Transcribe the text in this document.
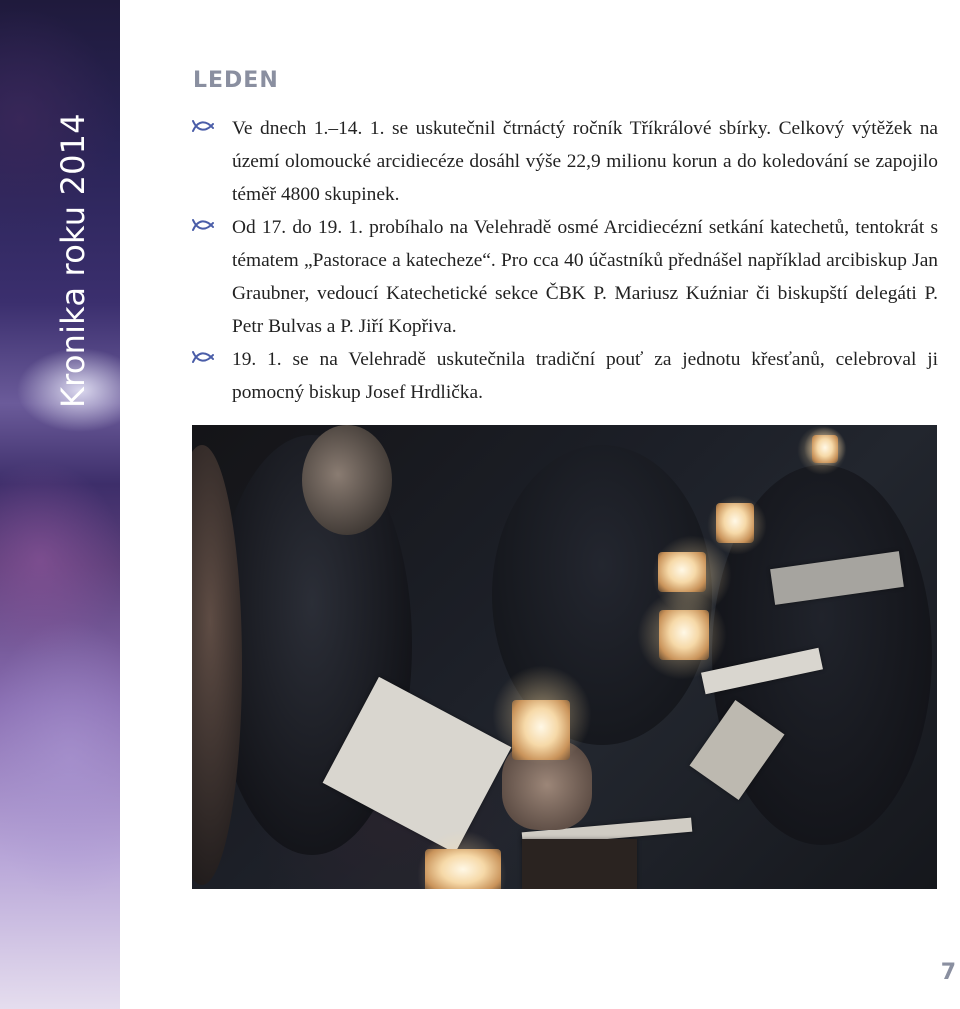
Kronika roku 2014
LEDEN
Ve dnech 1.–14. 1. se uskutečnil čtrnáctý ročník Tříkrálové sbírky. Celkový výtěžek na území olomoucké arcidiecéze dosáhl výše 22,9 milionu korun a do koledování se zapojilo téměř 4800 skupinek.
Od 17. do 19. 1. probíhalo na Velehradě osmé Arcidiecézní setkání katechetů, tentokrát s tématem „Pastorace a katecheze“. Pro cca 40 účastníků přednášel například arcibiskup Jan Graubner, vedoucí Katechetické sekce ČBK P. Mariusz Kuźniar či biskupští delegáti P. Petr Bulvas a P. Jiří Kopřiva.
19. 1. se na Velehradě uskutečnila tradiční pouť za jednotu křesťanů, celebroval ji pomocný biskup Josef Hrdlička.
7
